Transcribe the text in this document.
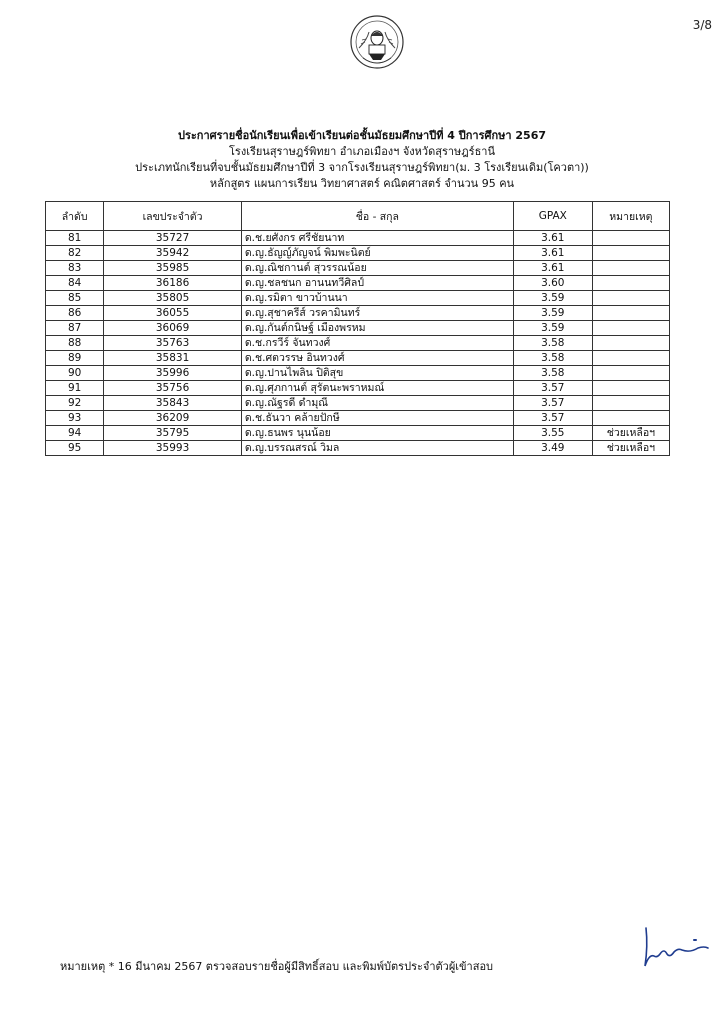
3/8
ประกาศรายชื่อนักเรียนเพื่อเข้าเรียนต่อชั้นมัธยมศึกษาปีที่ 4 ปีการศึกษา 2567
โรงเรียนสุราษฎร์พิทยา อำเภอเมืองฯ จังหวัดสุราษฎร์ธานี
ประเภทนักเรียนที่จบชั้นมัธยมศึกษาปีที่ 3 จากโรงเรียนสุราษฎร์พิทยา(ม. 3 โรงเรียนเดิม(โควตา))
หลักสูตร แผนการเรียน วิทยาศาสตร์ คณิตศาสตร์ จำนวน 95 คน
ลำดับ	เลขประจำตัว	ชื่อ - สกุล	GPAX	หมายเหตุ
81	35727	ด.ช.ยศังกร ศรีชัยนาท	3.61	
82	35942	ด.ญ.ธัญญ์ภัญจน์ พิมพะนิตย์	3.61	
83	35985	ด.ญ.ณิชกานต์ สุวรรณน้อย	3.61	
84	36186	ด.ญ.ชลชนก อานนทวีศิลป์	3.60	
85	35805	ด.ญ.รมิตา ขาวบ้านนา	3.59	
86	36055	ด.ญ.สุชาครีส์ วรคามินทร์	3.59	
87	36069	ด.ญ.กันต์กนิษฐ์ เมืองพรหม	3.59	
88	35763	ด.ช.กรวีร์ จันทวงศ์	3.58	
89	35831	ด.ช.ศตวรรษ อินทวงศ์	3.58	
90	35996	ด.ญ.ปานไพลิน ปิติสุข	3.58	
91	35756	ด.ญ.ศุภกานต์ สุรัตนะพราหมณ์	3.57	
92	35843	ด.ญ.ณัฐรดี ดำมุณี	3.57	
93	36209	ด.ช.ธันวา คล้ายปักษี	3.57	
94	35795	ด.ญ.ธนพร นุนน้อย	3.55	ช่วยเหลือฯ
95	35993	ด.ญ.บรรณสรณ์ วิมล	3.49	ช่วยเหลือฯ
หมายเหตุ * 16 มีนาคม 2567 ตรวจสอบรายชื่อผู้มีสิทธิ์สอบ และพิมพ์บัตรประจำตัวผู้เข้าสอบ
